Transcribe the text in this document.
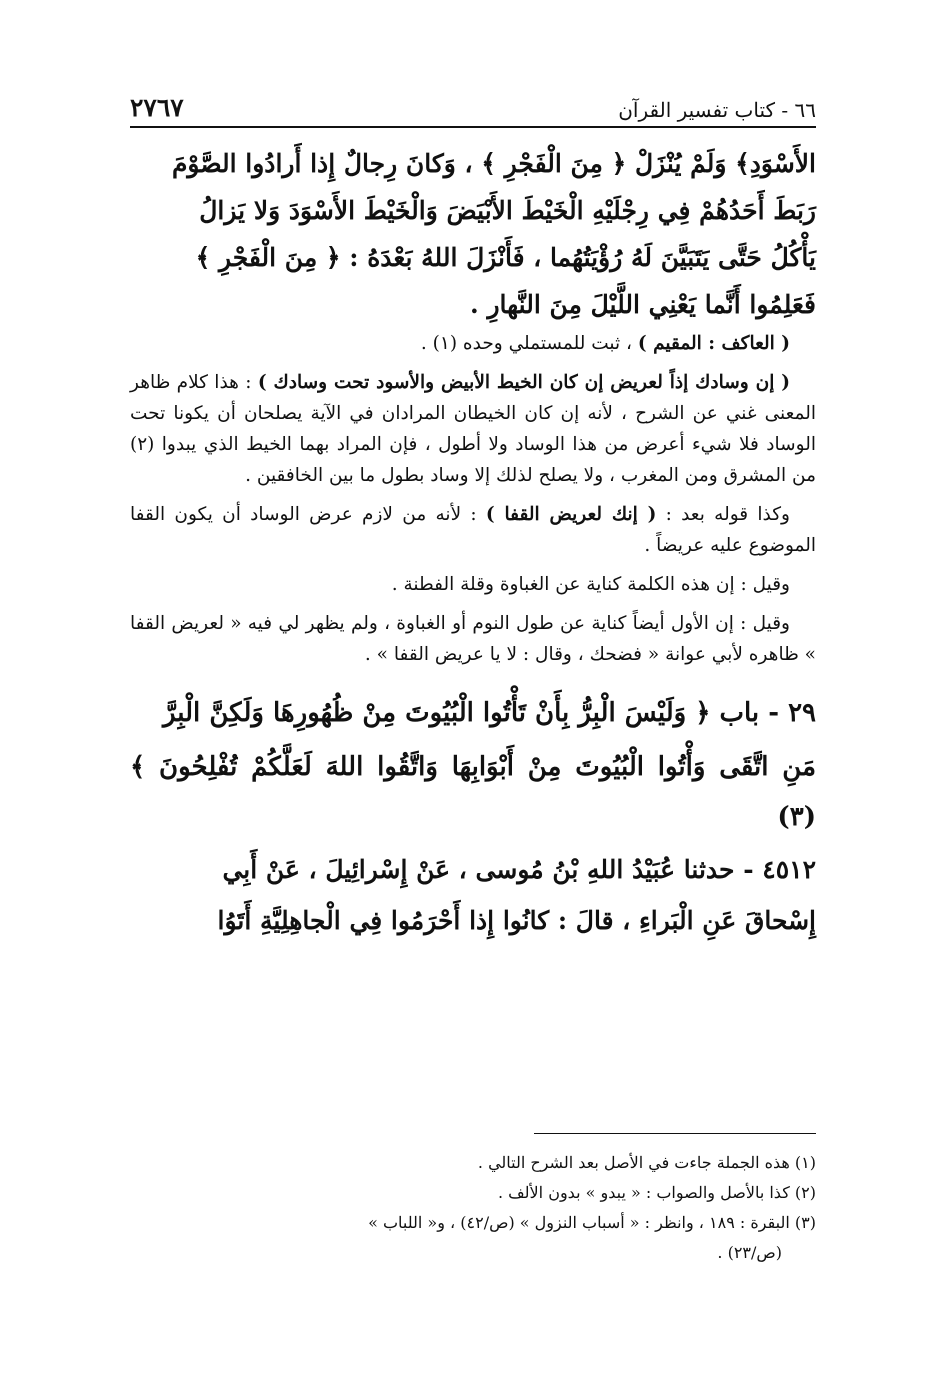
٦٦ - كتاب تفسير القرآن
٢٧٦٧

الأَسْوَدِ﴾ وَلَمْ يُنْزَلْ ﴿ مِنَ الْفَجْرِ ﴾ ، وَكانَ رِجالٌ إِذا أَرادُوا الصَّوْمَ

رَبَطَ أَحَدُهُمْ فِي رِجْلَيْهِ الْخَيْطَ الأَبْيَضَ وَالْخَيْطَ الأَسْوَدَ وَلا يَزالُ

يَأْكُلُ حَتَّى يَتَبَيَّنَ لَهُ رُؤْيَتُهُما ، فَأَنْزَلَ اللهُ بَعْدَهُ : ﴿ مِنَ الْفَجْرِ ﴾

فَعَلِمُوا أَنَّما يَعْنِي اللَّيْلَ مِنَ النَّهارِ .

( العاكف : المقيم ) ، ثبت للمستملي وحده (١) .

( إن وسادك إذاً لعريض إن كان الخيط الأبيض والأسود تحت وسادك ) : هذا كلام ظاهر المعنى غني عن الشرح ، لأنه إن كان الخيطان المرادان في الآية يصلحان أن يكونا تحت الوساد فلا شيء أعرض من هذا الوساد ولا أطول ، فإن المراد بهما الخيط الذي يبدوا (٢) من المشرق ومن المغرب ، ولا يصلح لذلك إلا وساد بطول ما بين الخافقين .

وكذا قوله بعد : ( إنك لعريض القفا ) : لأنه من لازم عرض الوساد أن يكون القفا الموضوع عليه عريضاً .

وقيل : إن هذه الكلمة كناية عن الغباوة وقلة الفطنة .

وقيل : إن الأول أيضاً كناية عن طول النوم أو الغباوة ، ولم يظهر لي فيه « لعريض القفا » ظاهره لأبي عوانة « فضحك ، وقال : لا يا عريض القفا » .

٢٩ - باب ﴿ وَلَيْسَ الْبِرُّ بِأَنْ تَأْتُوا الْبُيُوتَ مِنْ ظُهُورِهَا وَلَكِنَّ الْبِرَّ

مَنِ اتَّقَى وَأْتُوا الْبُيُوتَ مِنْ أَبْوَابِهَا وَاتَّقُوا اللهَ لَعَلَّكُمْ تُفْلِحُونَ ﴾ (٣)

٤٥١٢ - حدثنا عُبَيْدُ اللهِ بْنُ مُوسى ، عَنْ إِسْرائِيلَ ، عَنْ أَبِي

إِسْحاقَ عَنِ الْبَراءِ ، قالَ : كانُوا إِذا أَحْرَمُوا فِي الْجاهِلِيَّةِ أَتَوُا

(١) هذه الجملة جاءت في الأصل بعد الشرح التالي .

(٢) كذا بالأصل والصواب : « يبدو » بدون الألف .

(٣) البقرة : ١٨٩ ، وانظر : « أسباب النزول » (ص/٤٢) ، و« اللباب »

(ص/٢٣) .
